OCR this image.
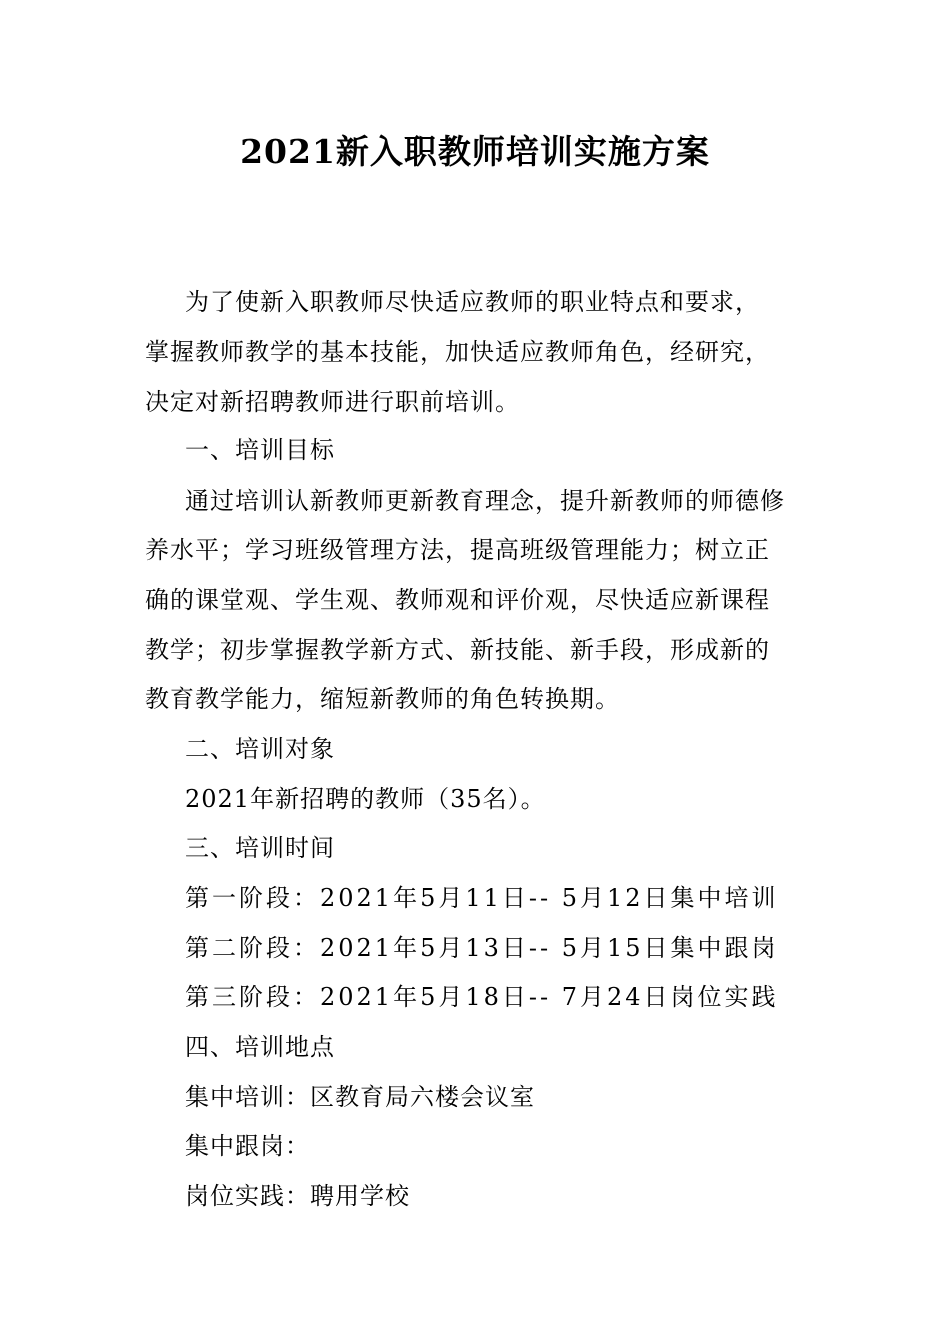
2021新入职教师培训实施方案
为了使新入职教师尽快适应教师的职业特点和要求，
掌握教师教学的基本技能，加快适应教师角色，经研究，
决定对新招聘教师进行职前培训。
一、培训目标
通过培训认新教师更新教育理念，提升新教师的师德修
养水平；学习班级管理方法，提高班级管理能力；树立正
确的课堂观、学生观、教师观和评价观，尽快适应新课程
教学；初步掌握教学新方式、新技能、新手段，形成新的
教育教学能力，缩短新教师的角色转换期。
二、培训对象
2021年新招聘的教师（35名）。
三、培训时间
第一阶段：2021年5月11日-- 5月12日集中培训
第二阶段：2021年5月13日-- 5月15日集中跟岗
第三阶段：2021年5月18日-- 7月24日岗位实践
四、培训地点
集中培训：区教育局六楼会议室
集中跟岗：
岗位实践：聘用学校
